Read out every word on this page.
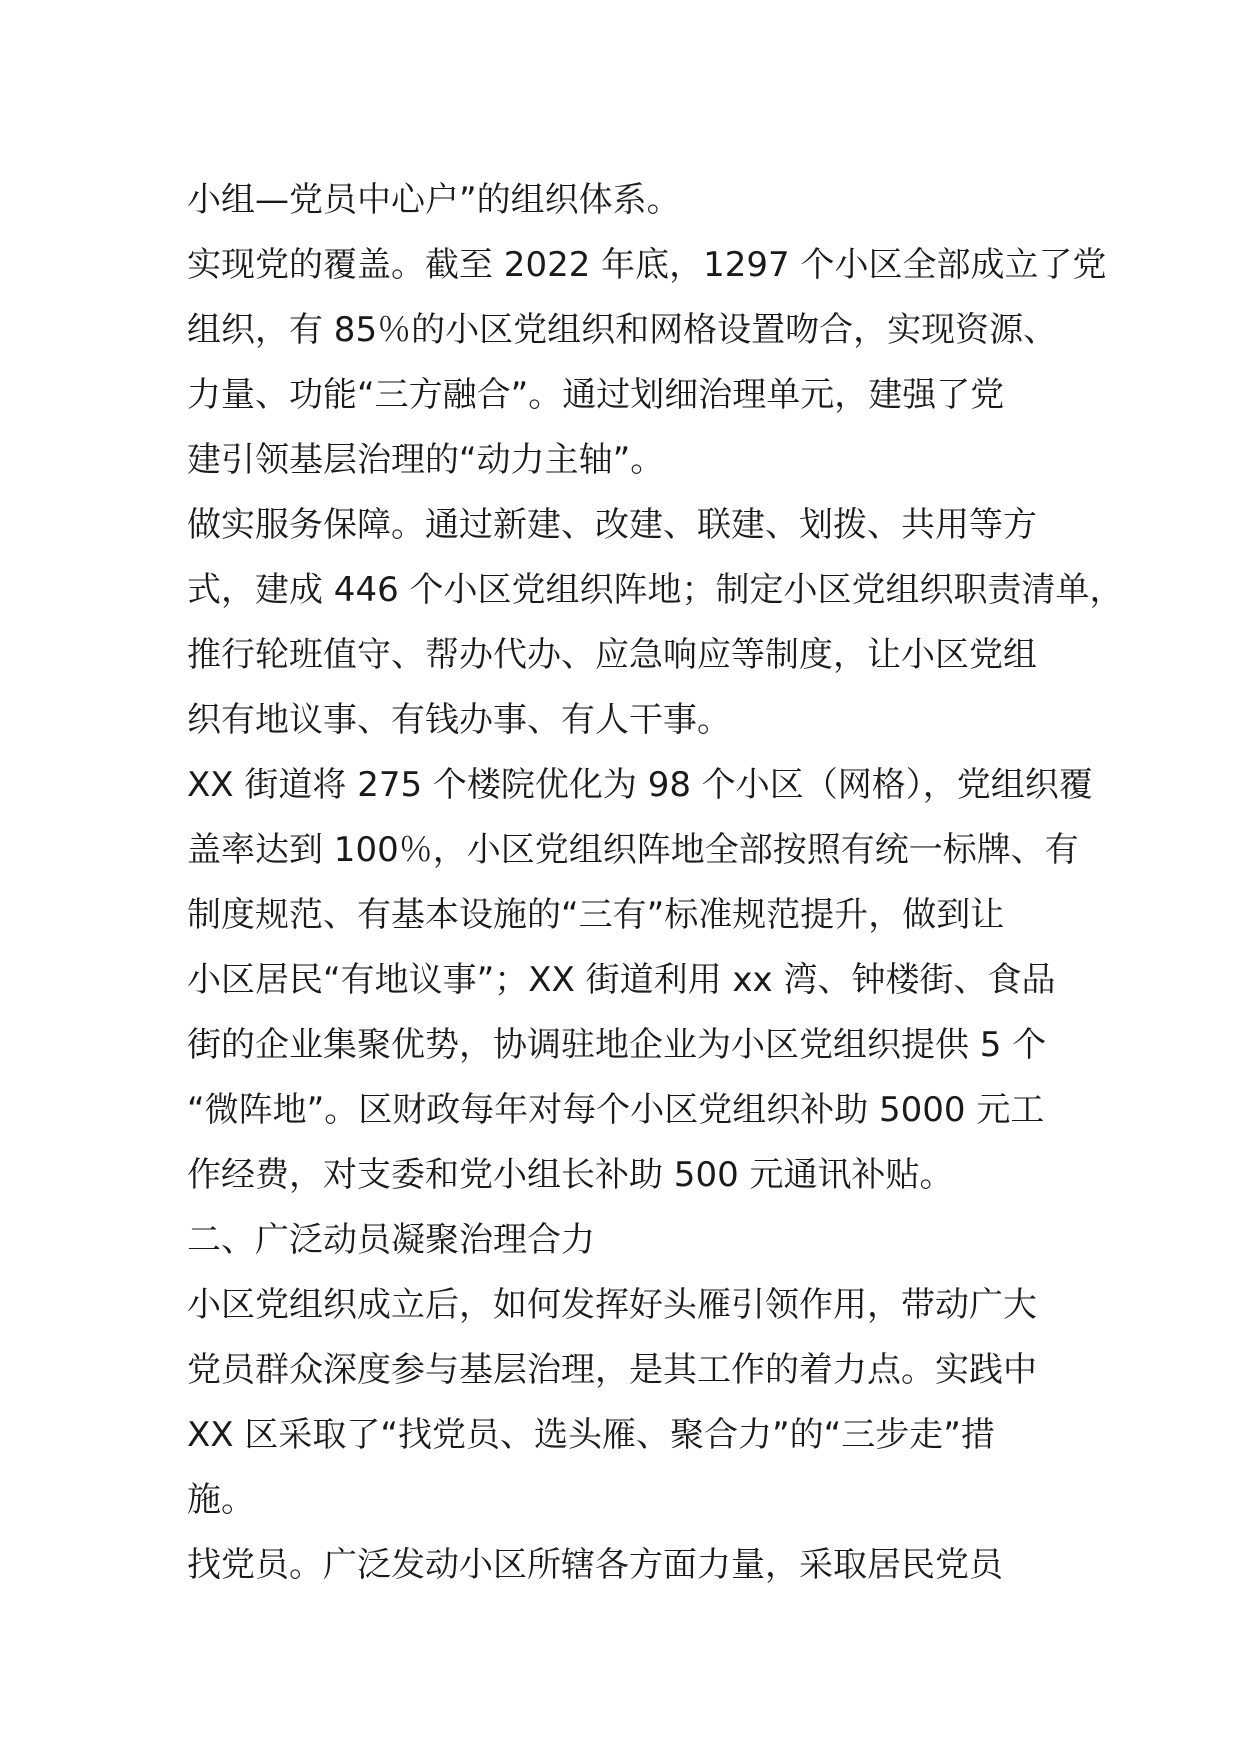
小组—党员中心户”的组织体系。
实现党的覆盖。截至 2022 年底，1297 个小区全部成立了党
组织，有 85％的小区党组织和网格设置吻合，实现资源、
力量、功能“三方融合”。通过划细治理单元，建强了党
建引领基层治理的“动力主轴”。
做实服务保障。通过新建、改建、联建、划拨、共用等方
式，建成 446 个小区党组织阵地；制定小区党组织职责清单，
推行轮班值守、帮办代办、应急响应等制度，让小区党组
织有地议事、有钱办事、有人干事。
XX 街道将 275 个楼院优化为 98 个小区（网格），党组织覆
盖率达到 100％，小区党组织阵地全部按照有统一标牌、有
制度规范、有基本设施的“三有”标准规范提升，做到让
小区居民“有地议事”；XX 街道利用 xx 湾、钟楼街、食品
街的企业集聚优势，协调驻地企业为小区党组织提供 5 个
“微阵地”。区财政每年对每个小区党组织补助 5000 元工
作经费，对支委和党小组长补助 500 元通讯补贴。
二、广泛动员凝聚治理合力
小区党组织成立后，如何发挥好头雁引领作用，带动广大
党员群众深度参与基层治理，是其工作的着力点。实践中
XX 区采取了“找党员、选头雁、聚合力”的“三步走”措
施。
找党员。广泛发动小区所辖各方面力量，采取居民党员
